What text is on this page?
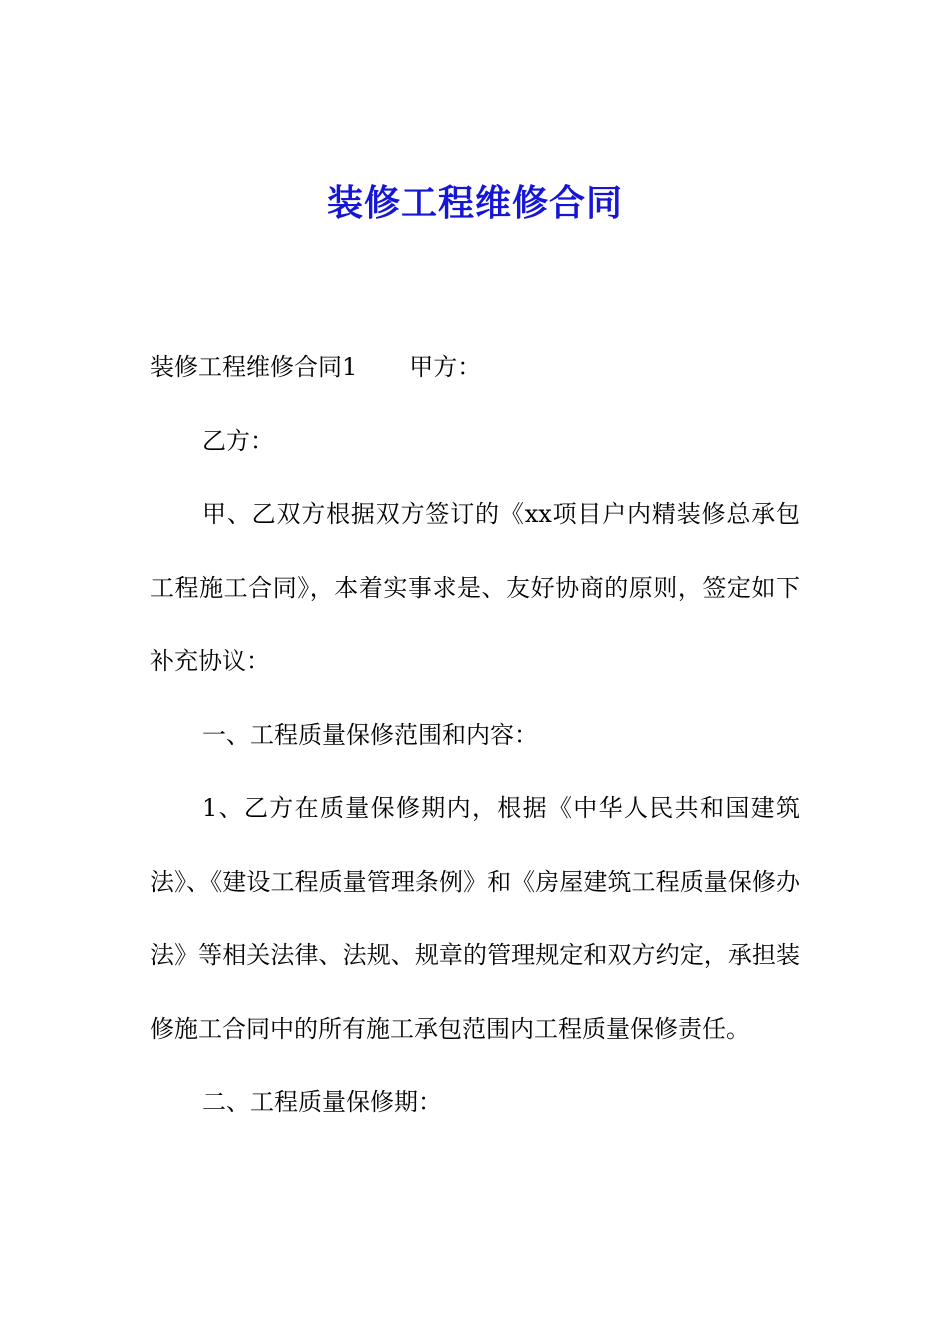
装修工程维修合同

装修工程维修合同1 甲方：

乙方：

甲、乙双方根据双方签订的《xx项目户内精装修总承包工程施工合同》，本着实事求是、友好协商的原则，签定如下补充协议：

一、工程质量保修范围和内容：

1、乙方在质量保修期内，根据《中华人民共和国建筑法》、《建设工程质量管理条例》和《房屋建筑工程质量保修办法》等相关法律、法规、规章的管理规定和双方约定，承担装修施工合同中的所有施工承包范围内工程质量保修责任。

二、工程质量保修期：
